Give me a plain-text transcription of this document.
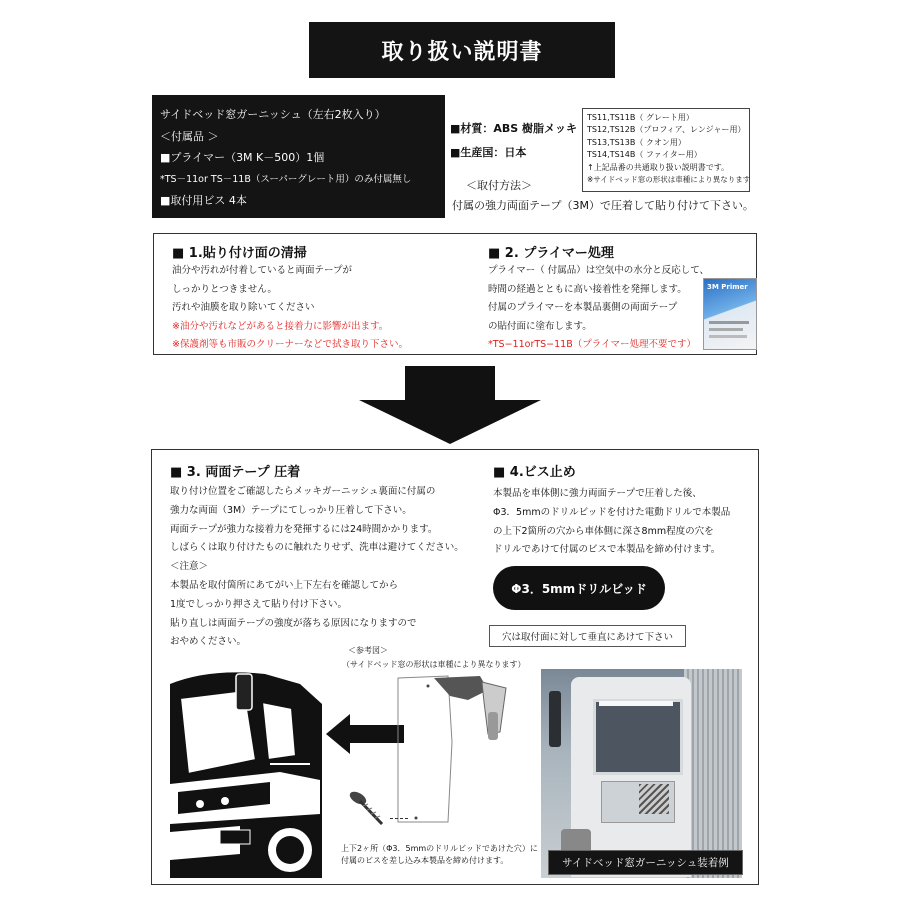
取り扱い説明書
サイドベッド窓ガーニッシュ（左右2枚入り）
＜付属品 ＞
■プライマー（3M K－500）1個
*TS－11or TS－11B（スーパーグレート用）のみ付属無し
■取付用ビス 4本
■材質：ABS 樹脂メッキ
■生産国：日本
＜取付方法＞
付属の強力両面テープ（3M）で圧着して貼り付けて下さい。
TS11,TS11B（ グレート用）
TS12,TS12B（プロフィア、レンジャー用）
TS13,TS13B（ クオン用）
TS14,TS14B（ ファイター用）
↑上記品番の共通取り扱い説明書です。
※サイドベッド窓の形状は車種により異なります
■ 1.貼り付け面の清掃
油分や汚れが付着していると両面テープが
しっかりとつきません。
汚れや油膜を取り除いてください
※油分や汚れなどがあると接着力に影響が出ます。
※保護剤等も市販のクリーナーなどで拭き取り下さい。
■ 2. プライマー処理
プライマー（ 付属品）は空気中の水分と反応して、
時間の経過とともに高い接着性を発揮します。
付属のプライマーを本製品裏側の両面テープ
の貼付面に塗布します。
*TS−11orTS−11B（プライマー処理不要です）
3M Primer
■ 3. 両面テープ 圧着
取り付け位置をご確認したらメッキガーニッシュ裏面に付属の
強力な両面（3M）テープにてしっかり圧着して下さい。
両面テープが強力な接着力を発揮するには24時間かかります。
しばらくは取り付けたものに触れたりせず、洗車は避けてください。
＜注意＞
本製品を取付箇所にあてがい上下左右を確認してから
1度でしっかり押さえて貼り付け下さい。
貼り直しは両面テープの強度が落ちる原因になりますので
おやめください。
■ 4.ビス止め
本製品を車体側に強力両面テープで圧着した後、
Φ3．5mmのドリルビッドを付けた電動ドリルで本製品
の上下2箇所の穴から車体側に深さ8mm程度の穴を
ドリルであけて付属のビスで本製品を締め付けます。
Φ3．5mmドリルビッド
穴は取付面に対して垂直にあけて下さい
＜参考図＞
（サイドベッド窓の形状は車種により異なります）
上下2ヶ所（Φ3．5mmのドリルビッドであけた穴）に
付属のビスを差し込み本製品を締め付けます。	サイドベッド窓ガーニッシュ装着例
